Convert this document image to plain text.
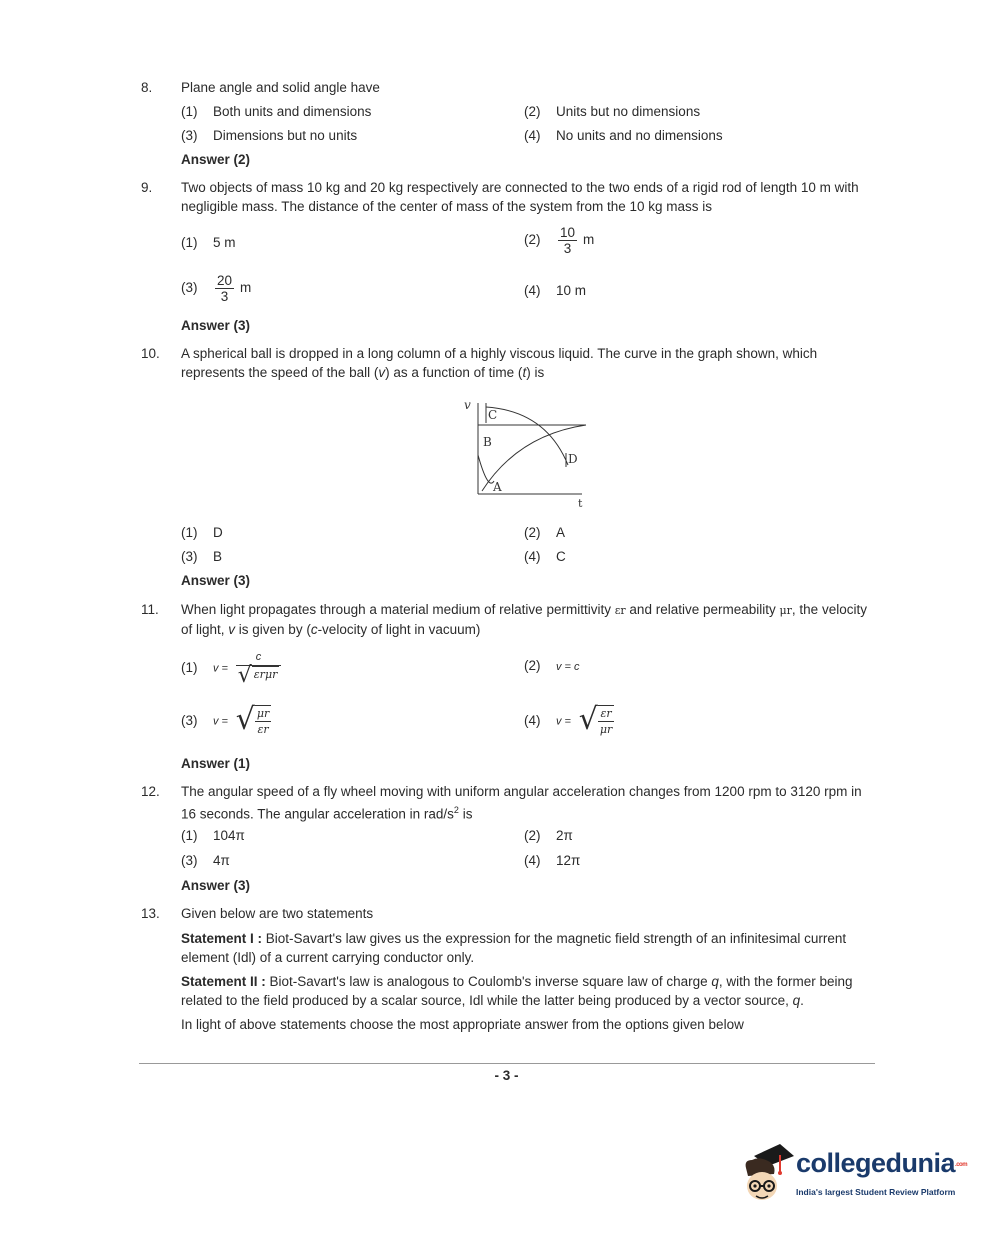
8. Plane angle and solid angle have
(1) Both units and dimensions	(2) Units but no dimensions
(3) Dimensions but no units	(4) No units and no dimensions
Answer (2)
9. Two objects of mass 10 kg and 20 kg respectively are connected to the two ends of a rigid rod of length 10 m with negligible mass. The distance of the center of mass of the system from the 10 kg mass is
(1) 5 m	$(2) \frac{10}{3}$ m
$(3) \frac{20}{3}$ m	(4) 10 m
Answer (3)
10. A spherical ball is dropped in a long column of a highly viscous liquid. The curve in the graph shown, which represents the speed of the ball (v) as a function of time (t) is
v
t
C
B
D
A
(1) D	(2) A
(3) B	(4) C
Answer (3)
11. When light propagates through a material medium of relative permittivity εr and relative permeability μr, the velocity of light, v is given by (c-velocity of light in vacuum)
(1) $v = \frac{c}{\text{√ εrμr}}$	(2) v = c
(3) v = √ $\frac{\mu r}{\varepsilon r}$	(4) v = √ $\frac{\varepsilon r}{\mu r}$
Answer (1)
12. The angular speed of a fly wheel moving with uniform angular acceleration changes from 1200 rpm to 3120 rpm in 16 seconds. The angular acceleration in rad/$s^2$ is
(1) 104π	(2) 2π
(3) 4π	(4) 12π
Answer (3)
13. Given below are two statements
Statement I : Biot-Savart's law gives us the expression for the magnetic field strength of an infinitesimal current element (Idl) of a current carrying conductor only.
Statement II : Biot-Savart's law is analogous to Coulomb's inverse square law of charge q, with the former being related to the field produced by a scalar source, Idl while the latter being produced by a vector source, q.
In light of above statements choose the most appropriate answer from the options given below
- 3 -
collegedunia.com
India's largest Student Review Platform
